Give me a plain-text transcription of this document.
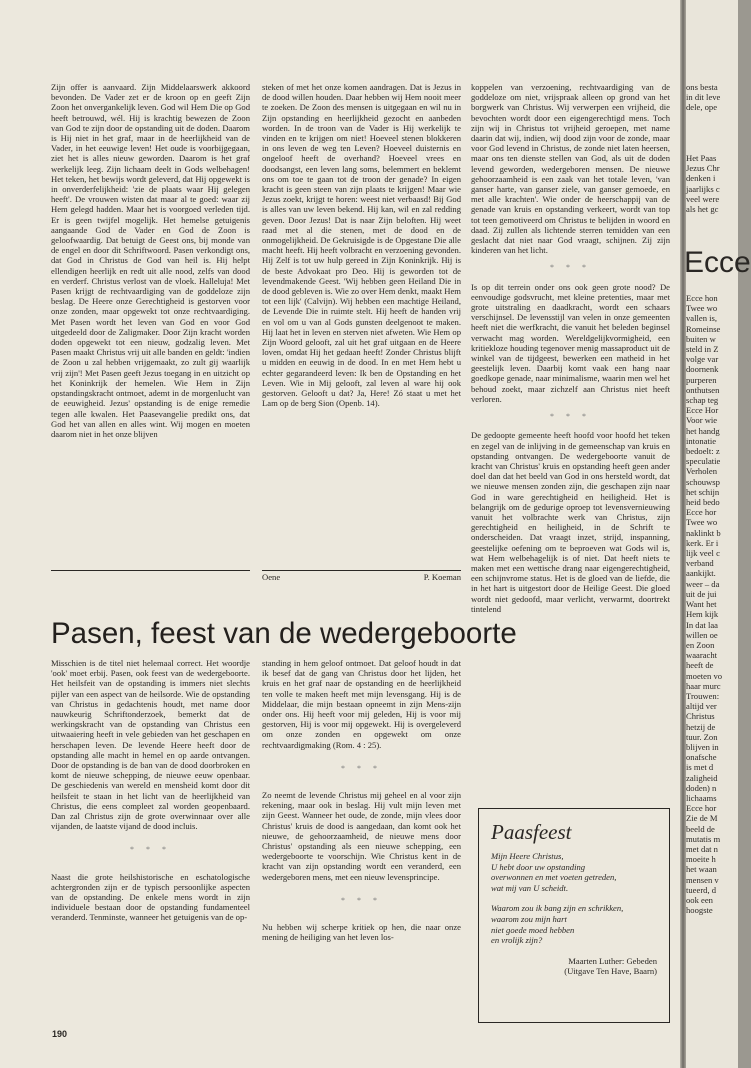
Zijn offer is aanvaard. Zijn Middelaarswerk akkoord bevonden. De Vader zet er de kroon op en geeft Zijn Zoon het onvergankelijk leven. God wil Hem Die op God heeft betrouwd, wél. Hij is krachtig bewezen de Zoon van God te zijn door de opstanding uit de doden. Daarom is Hij niet in het graf, maar in de heerlijkheid van de Vader, in het eeuwige leven! Het oude is voorbijgegaan, ziet het is alles nieuw geworden. Daarom is het graf werkelijk leeg. Zijn lichaam deelt in Gods welbehagen! Het teken, het bewijs wordt geleverd, dat Hij opgewekt is in onverderfelijkheid: 'zie de plaats waar Hij gelegen heeft'. De vrouwen wisten dat maar al te goed: waar zij Hem gelegd hadden. Maar het is voorgoed verleden tijd. Er is geen twijfel mogelijk. Het hemelse getuigenis aangaande God de Vader en God de Zoon is geloofwaardig. Dat betuigt de Geest ons, bij monde van de engel en door dit Schriftwoord. Pasen verkondigt ons, dat God in Christus de God van heil is. Hij helpt ellendigen heerlijk en redt uit alle nood, zelfs van dood en verderf. Christus verlost van de vloek. Halleluja! Met Pasen krijgt de rechtvaardiging van de goddeloze zijn beslag. De Heere onze Gerechtigheid is gestorven voor onze zonden, maar opgewekt tot onze rechtvaardiging. Met Pasen wordt het leven van God en voor God uitgedeeld door de Zaligmaker. Door Zijn kracht worden doden opgewekt tot een nieuw, godzalig leven. Met Pasen maakt Christus vrij uit alle banden en geldt: 'indien de Zoon u zal hebben vrijgemaakt, zo zult gij waarlijk vrij zijn'! Met Pasen geeft Jezus toegang in en uitzicht op het Koninkrijk der hemelen. Wie Hem in Zijn opstandingskracht ontmoet, ademt in de morgenlucht van de eeuwigheid. Jezus' opstanding is de enige remedie tegen alle kwalen. Het Paasevangelie predikt ons, dat God het van allen en alles wint. Wij mogen en moeten daarom niet in het onze blijven

steken of met het onze komen aandragen. Dat is Jezus in de dood willen houden. Daar hebben wij Hem nooit meer te zoeken. De Zoon des mensen is uitgegaan en wil nu in Zijn opstanding en heerlijkheid gezocht en aanbeden worden. In de troon van de Vader is Hij werkelijk te vinden en te krijgen om niet! Hoeveel stenen blokkeren in ons leven de weg ten Leven? Hoeveel duisternis en ongeloof heeft de overhand? Hoeveel vrees en doodsangst, een leven lang soms, belemmert en beklemt ons om toe te gaan tot de troon der genade? In eigen kracht is geen steen van zijn plaats te krijgen! Maar wie Jezus zoekt, krijgt te horen: weest niet verbaasd! Bij God is alles van uw leven bekend. Hij kan, wil en zal redding geven. Door Jezus! Dat is naar Zijn beloften. Hij weet raad met al die stenen, met de dood en de onmogelijkheid. De Gekruisigde is de Opgestane Die alle macht heeft. Hij heeft volbracht en verzoening gevonden. Hij Zelf is tot uw hulp gereed in Zijn Koninkrijk. Hij is de beste Advokaat pro Deo. Hij is geworden tot de levendmakende Geest. 'Wij hebben geen Heiland Die in de dood gebleven is. Wie zo over Hem denkt, maakt Hem tot een lijk' (Calvijn). Wij hebben een machtige Heiland, de Levende Die in ruimte stelt. Hij heeft de handen vrij en vol om u van al Gods gunsten deelgenoot te maken. Hij laat het in leven en sterven niet afweten. Wie Hem op Zijn Woord gelooft, zal uit het graf uitgaan en de Heere loven, omdat Hij het gedaan heeft! Zonder Christus blijft u midden en eeuwig in de dood. In en met Hem hebt u echter gegarandeerd leven: Ik ben de Opstanding en het Leven. Wie in Mij gelooft, zal leven al ware hij ook gestorven. Gelooft u dat? Ja, Here! Zó staat u met het Lam op de berg Sion (Openb. 14).

Oene	P. Koeman

koppelen van verzoening, rechtvaardiging van de goddeloze om niet, vrijspraak alleen op grond van het borgwerk van Christus. Wij verwerpen een vrijheid, die bevochten wordt door een eigengerechtigd mens. Toch zijn wij in Christus tot vrijheid geroepen, met name daarin dat wij, indien, wij dood zijn voor de zonde, maar voor God levend in Christus, de zonde niet laten heersen, maar ons ten dienste stellen van God, als uit de doden levend geworden, wedergeboren mensen. De nieuwe gehoorzaamheid is een zaak van het totale leven, 'van ganser harte, van ganser ziele, van ganser gemoede, en met alle krachten'. Wie onder de heerschappij van de genade van kruis en opstanding verkeert, wordt van top tot teen gemotiveerd om Christus te belijden in woord en daad. Zij zullen als lichtende sterren temidden van een geslacht dat niet naar God vraagt, schijnen. Zij zijn kinderen van het licht.

* * *

Is op dit terrein onder ons ook geen grote nood? De eenvoudige godsvrucht, met kleine pretenties, maar met grote uitstraling en daadkracht, wordt een schaars verschijnsel. De levensstijl van velen in onze gemeenten heeft niet die werfkracht, die vanuit het beleden beginsel verwacht mag worden. Wereldgelijkvormigheid, een kritiekloze houding tegenover menig massaproduct uit de winkel van de tijdgeest, bewerken een matheid in het geestelijk leven. Daarbij komt vaak een hang naar goedkope genade, naar minimalisme, waarin men wel het behoud zoekt, maar zichzelf aan Christus niet heeft verloren.

* * *

De gedoopte gemeente heeft hoofd voor hoofd het teken en zegel van de inlijving in de gemeenschap van kruis en opstanding ontvangen. De wedergeboorte vanuit de kracht van Christus' kruis en opstanding heeft geen ander doel dan dat het beeld van God in ons hersteld wordt, dat we nieuwe mensen zonden zijn, die geschapen zijn naar God in ware gerechtigheid en heiligheid. Het is belangrijk om de gedurige oproep tot levensvernieuwing vanuit het volbrachte werk van Christus, zijn gerechtigheid en heiligheid, in de Schrift te onderscheiden. Dat vraagt inzet, strijd, inspanning, geestelijke oefening om te beproeven wat Gods wil is, wat Hem welbehagelijk is of niet. Dat heeft niets te maken met een wettische drang naar eigengerechtigheid, een schijnvrome status. Het is de gloed van de liefde, die in het hart is uitgestort door de Heilige Geest. Die gloed wordt niet gedoofd, maar verlicht, verwarmt, doortrekt tintelend

Pasen, feest van de wedergeboorte

Misschien is de titel niet helemaal correct. Het woordje 'ook' moet erbij. Pasen, ook feest van de wedergeboorte. Het heilsfeit van de opstanding is immers niet slechts pijler van een aspect van de heilsorde. Wie de opstanding van Christus in gedachtenis houdt, met name door nauwkeurig Schriftonderzoek, bemerkt dat de werkingskracht van de opstanding van Christus een uitwaaiering heeft in vele gebieden van het geschapen en herschapen leven. De levende Heere heeft door de opstanding alle macht in hemel en op aarde ontvangen. Door de opstanding is de ban van de dood doorbroken en komt de nieuwe schepping, de nieuwe eeuw openbaar. De geschiedenis van wereld en mensheid komt door dit heilsfeit te staan in het licht van de heerlijkheid van Christus, die eens compleet zal worden geopenbaard. Dan zal Christus zijn de grote overwinnaar over alle vijanden, de laatste vijand de dood incluis.

* * *

Naast die grote heilshistorische en eschatologische achtergronden zijn er de typisch persoonlijke aspecten van de opstanding. De enkele mens wordt in zijn individuele bestaan door de opstanding fundamenteel veranderd. Tenminste, wanneer het getuigenis van de op-

standing in hem geloof ontmoet. Dat geloof houdt in dat ik besef dat de gang van Christus door het lijden, het kruis en het graf naar de opstanding en de heerlijkheid ten volle te maken heeft met mijn levensgang. Hij is de Middelaar, die mijn bestaan opneemt in zijn Mens-zijn onder ons. Hij heeft voor mij geleden, Hij is voor mij gestorven, Hij is voor mij opgewekt. Hij is overgeleverd om onze zonden en opgewekt om onze rechtvaardigmaking (Rom. 4 : 25).

* * *

Zo neemt de levende Christus mij geheel en al voor zijn rekening, maar ook in beslag. Hij vult mijn leven met zijn Geest. Wanneer het oude, de zonde, mijn vlees door Christus' kruis de dood is aangedaan, dan komt ook het nieuwe, de gehoorzaamheid, de nieuwe mens door Christus' opstanding als een nieuwe schepping, een wedergeboorte te voorschijn. Wie Christus kent in de kracht van zijn opstanding wordt een veranderd, een wedergeboren mens, met een nieuw levensprincipe.

* * *

Nu hebben wij scherpe kritiek op hen, die naar onze mening de heiliging van het leven los-

Paasfeest

Mijn Heere Christus,
U hebt door uw opstanding
overwonnen en met voeten getreden,
wat mij van U scheidt.

Waarom zou ik bang zijn en schrikken,
waarom zou mijn hart
niet goede moed hebben
en vrolijk zijn?

Maarten Luther: Gebeden
(Uitgave Ten Have, Baarn)

190
ons besta
in dit leve
dele, ope
Het Paas
Jezus Chr
denken i
jaarlijks c
veel were
als het gc
Ecce
Ecce hon
Twee wo
vallen is,
Romeinse
buiten w
steld in Z
volge var
doornenk
purperen
onthutsen
schap teg
Ecce Hor
Voor wie
het handg
intonatie
bedoelt: z
speculatie
Verholen
schouwsp
het schijn
heid bedo
Ecce hor
Twee wo
naklinkt b
kerk. Er i
lijk veel c
verband
aankijkt.
weer – da
uit de jui
Want het
Hem kijk
In dat laa
willen oe
en Zoon
waaracht
heeft de
moeten vo
haar murc
Trouwen:
altijd ver
Christus
hetzij de
tuur. Zon
blijven in
onafsche
is met d
zaligheid
doden) n
lichaams
Ecce hor
Zie de M
beeld de
mutatis m
met dat n
moeite h
het waan
mensen v
tueerd, d
ook een
hoogste
